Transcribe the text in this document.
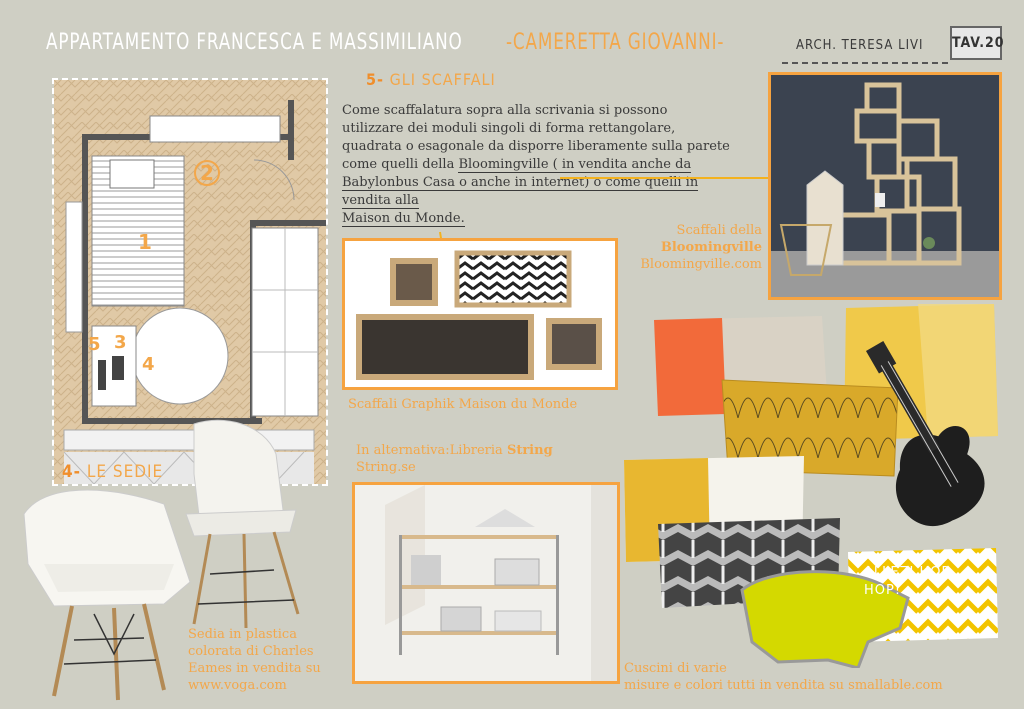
APPARTAMENTO FRANCESCA E MASSIMILIANO -CAMERETTA GIOVANNI-	ARCH. TERESA LIVI TAV.20
1
2
5 3
4
5- GLI SCAFFALI
Come scaffalatura sopra alla scrivania si possono utilizzare dei moduli singoli di forma rettangolare, quadrata o esagonale da disporre liberamente sulla parete come quelli della Bloomingville ( in vendita anche da Babylonbus Casa o anche in internet) o come quelli in vendita alla
Maison du Monde.
Scaffali della
Bloomingville
Bloomingville.com
Scaffali Graphik Maison du Monde
In alternativa:Libreria String
String.se
4- LE SEDIE
Sedia in plastica colorata di Charles Eames in vendita su www.voga.com
ALLEZI HOP HOP!
Cuscini di varie
misure e colori tutti in vendita su smallable.com
